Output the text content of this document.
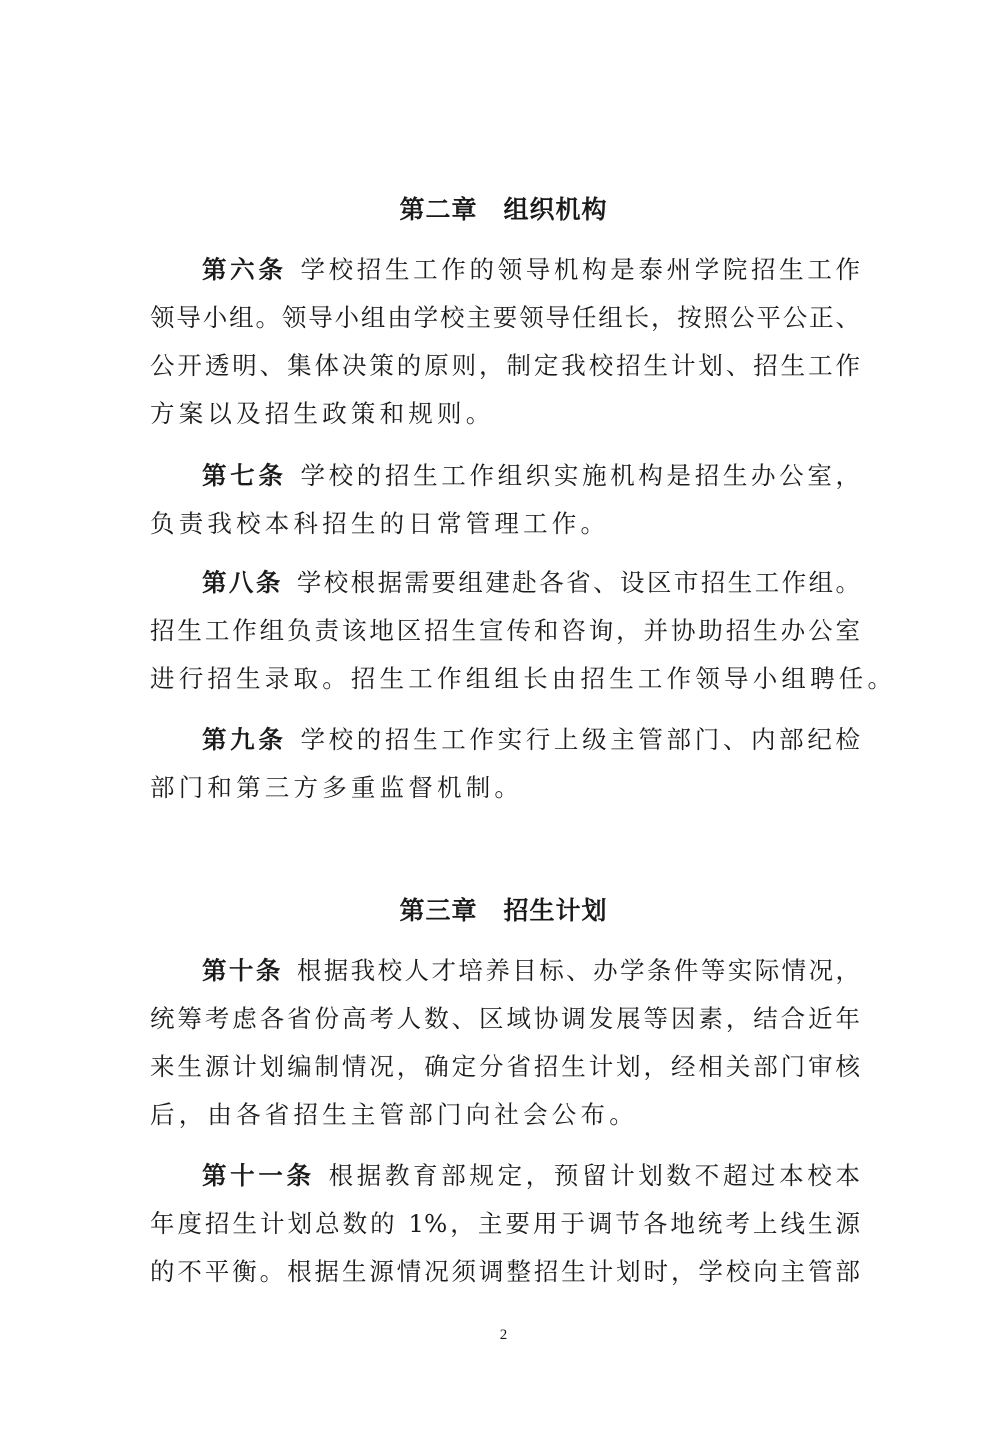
第二章　组织机构
第六条 学校招生工作的领导机构是泰州学院招生工作
领导小组。领导小组由学校主要领导任组长，按照公平公正、
公开透明、集体决策的原则，制定我校招生计划、招生工作
方案以及招生政策和规则。
第七条 学校的招生工作组织实施机构是招生办公室，
负责我校本科招生的日常管理工作。
第八条 学校根据需要组建赴各省、设区市招生工作组。
招生工作组负责该地区招生宣传和咨询，并协助招生办公室
进行招生录取。招生工作组组长由招生工作领导小组聘任。
第九条 学校的招生工作实行上级主管部门、内部纪检
部门和第三方多重监督机制。
第三章　招生计划
第十条 根据我校人才培养目标、办学条件等实际情况，
统筹考虑各省份高考人数、区域协调发展等因素，结合近年
来生源计划编制情况，确定分省招生计划，经相关部门审核
后，由各省招生主管部门向社会公布。
第十一条 根据教育部规定，预留计划数不超过本校本
年度招生计划总数的 1%，主要用于调节各地统考上线生源
的不平衡。根据生源情况须调整招生计划时，学校向主管部
2
